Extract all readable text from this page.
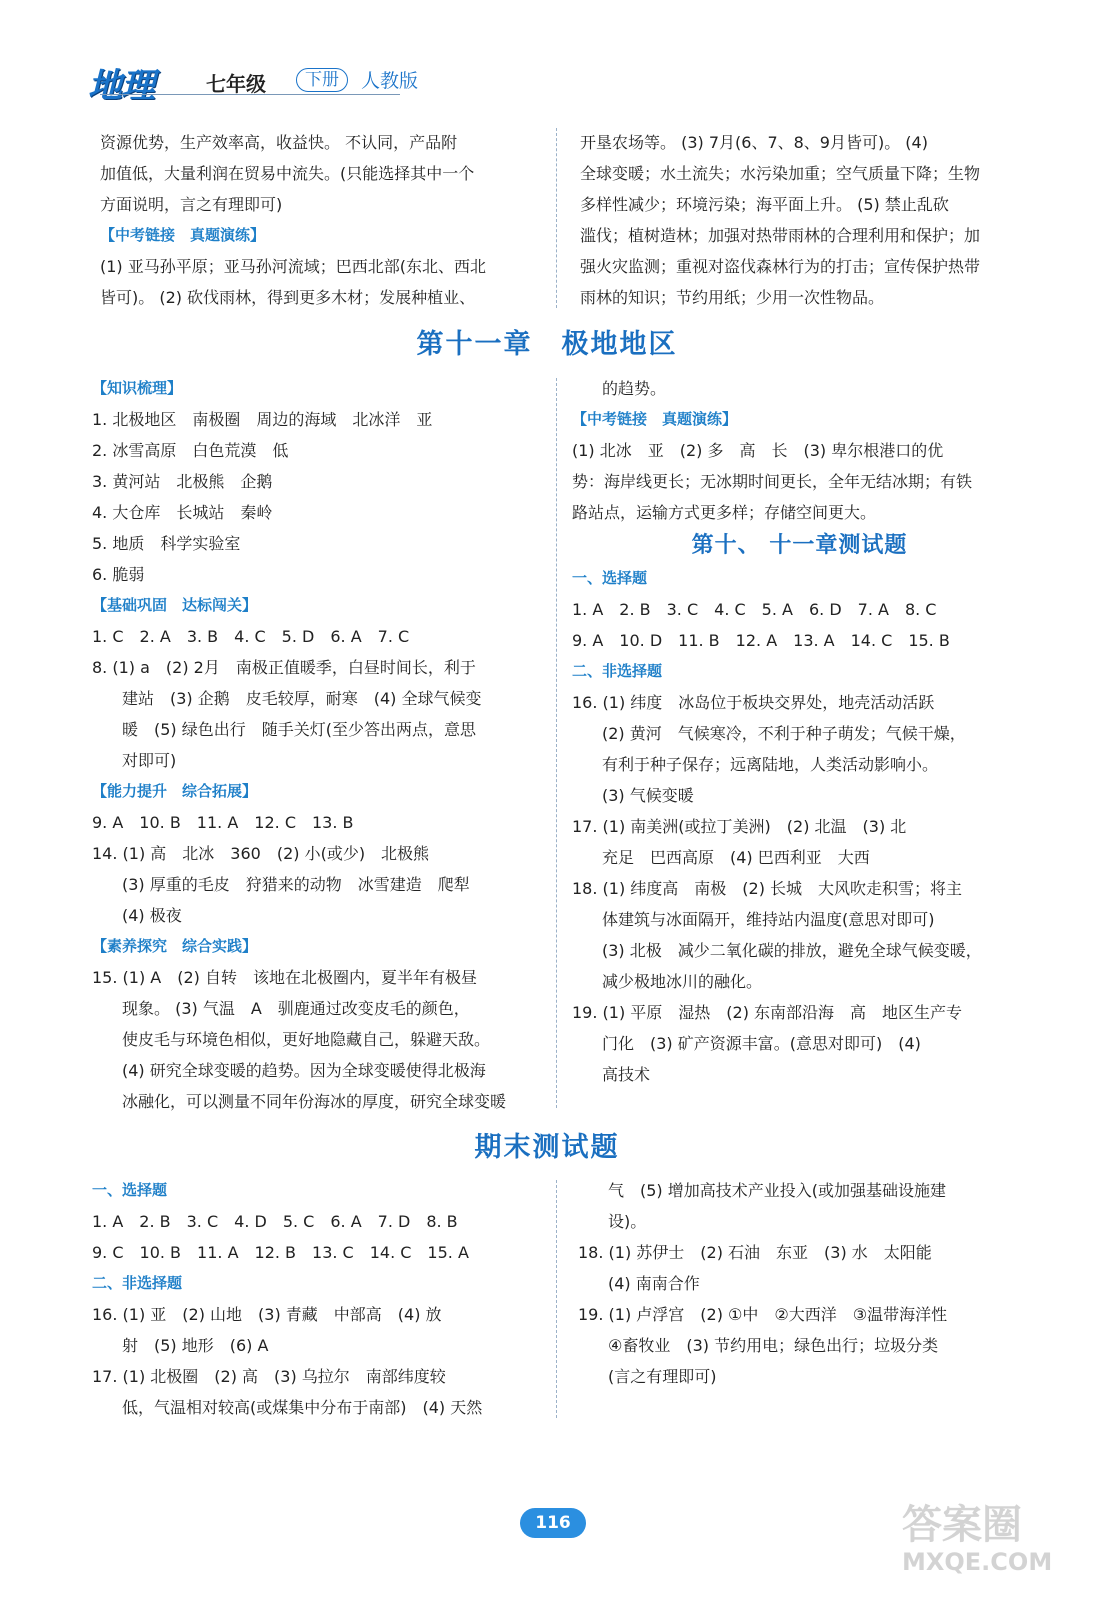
地理	七年级	下册	人教版
资源优势，生产效率高，收益快。 不认同，产品附
加值低，大量利润在贸易中流失。(只能选择其中一个
方面说明，言之有理即可)
【中考链接　真题演练】
(1) 亚马孙平原；亚马孙河流域；巴西北部(东北、西北
皆可)。 (2) 砍伐雨林，得到更多木材；发展种植业、
开垦农场等。 (3) 7月(6、7、8、9月皆可)。 (4)
全球变暖；水土流失；水污染加重；空气质量下降；生物
多样性减少；环境污染；海平面上升。 (5) 禁止乱砍
滥伐；植树造林；加强对热带雨林的合理利用和保护；加
强火灾监测；重视对盗伐森林行为的打击；宣传保护热带
雨林的知识；节约用纸；少用一次性物品。
第十一章　极地地区
【知识梳理】
1. 北极地区　南极圈　周边的海域　北冰洋　亚
2. 冰雪高原　白色荒漠　低
3. 黄河站　北极熊　企鹅
4. 大仓库　长城站　秦岭
5. 地质　科学实验室
6. 脆弱
【基础巩固　达标闯关】
1. C　2. A　3. B　4. C　5. D　6. A　7. C
8. (1) a　(2) 2月　南极正值暖季，白昼时间长，利于
建站　(3) 企鹅　皮毛较厚，耐寒　(4) 全球气候变
暖　(5) 绿色出行　随手关灯(至少答出两点，意思
对即可)
【能力提升　综合拓展】
9. A　10. B　11. A　12. C　13. B
14. (1) 高　北冰　360　(2) 小(或少)　北极熊
(3) 厚重的毛皮　狩猎来的动物　冰雪建造　爬犁
(4) 极夜
【素养探究　综合实践】
15. (1) A　(2) 自转　该地在北极圈内，夏半年有极昼
现象。 (3) 气温　A　驯鹿通过改变皮毛的颜色，
使皮毛与环境色相似，更好地隐藏自己，躲避天敌。
(4) 研究全球变暖的趋势。因为全球变暖使得北极海
冰融化，可以测量不同年份海冰的厚度，研究全球变暖
的趋势。
【中考链接　真题演练】
(1) 北冰　亚　(2) 多　高　长　(3) 卑尔根港口的优
势：海岸线更长；无冰期时间更长，全年无结冰期；有铁
路站点，运输方式更多样；存储空间更大。
第十、 十一章测试题
一、选择题
1. A　2. B　3. C　4. C　5. A　6. D　7. A　8. C
9. A　10. D　11. B　12. A　13. A　14. C　15. B
二、非选择题
16. (1) 纬度　冰岛位于板块交界处，地壳活动活跃
(2) 黄河　气候寒冷，不利于种子萌发；气候干燥，
有利于种子保存；远离陆地，人类活动影响小。
(3) 气候变暖
17. (1) 南美洲(或拉丁美洲)　(2) 北温　(3) 北
充足　巴西高原　(4) 巴西利亚　大西
18. (1) 纬度高　南极　(2) 长城　大风吹走积雪；将主
体建筑与冰面隔开，维持站内温度(意思对即可)
(3) 北极　减少二氧化碳的排放，避免全球气候变暖，
减少极地冰川的融化。
19. (1) 平原　湿热　(2) 东南部沿海　高　地区生产专
门化　(3) 矿产资源丰富。(意思对即可)　(4)
高技术
期末测试题
一、选择题
1. A　2. B　3. C　4. D　5. C　6. A　7. D　8. B
9. C　10. B　11. A　12. B　13. C　14. C　15. A
二、非选择题
16. (1) 亚　(2) 山地　(3) 青藏　中部高　(4) 放
射　(5) 地形　(6) A
17. (1) 北极圈　(2) 高　(3) 乌拉尔　南部纬度较
低，气温相对较高(或煤集中分布于南部)　(4) 天然
气　(5) 增加高技术产业投入(或加强基础设施建
设)。
18. (1) 苏伊士　(2) 石油　东亚　(3) 水　太阳能
(4) 南南合作
19. (1) 卢浮宫　(2) ①中　②大西洋　③温带海洋性
④畜牧业　(3) 节约用电；绿色出行；垃圾分类
(言之有理即可)
116	答案圈
MXQE.COM
